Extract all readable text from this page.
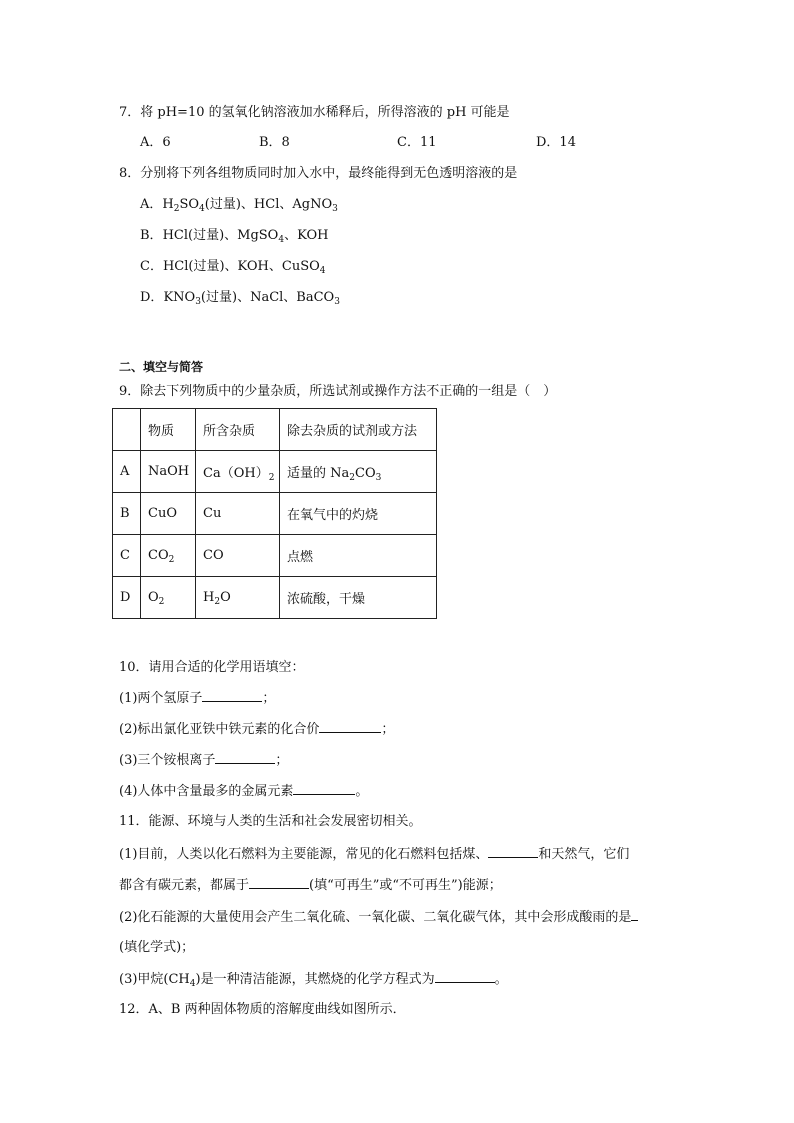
7．将 pH=10 的氢氧化钠溶液加水稀释后，所得溶液的 pH 可能是
A．6	B．8	C．11	D．14
8．分别将下列各组物质同时加入水中，最终能得到无色透明溶液的是
A．$H_2SO_4$(过量)、HCl、AgNO$_3$
B．HCl(过量)、MgSO$_4$、KOH
C．HCl(过量)、KOH、CuSO$_4$
D．$KNO_3$(过量)、NaCl、BaCO$_3$
二、填空与简答
9．除去下列物质中的少量杂质，所选试剂或操作方法不正确的一组是（　）
	物质	所含杂质	除去杂质的试剂或方法
A	NaOH	$Ca(OH)_2$	适量的 $Na_2CO_3$
B	CuO	Cu	在氧气中的灼烧
C	$CO_2$	CO	点燃
D	$O_2$	$H_2O$	浓硫酸，干燥
10．请用合适的化学用语填空：
(1)两个氢原子	；
(2)标出氯化亚铁中铁元素的化合价	；
(3)三个铵根离子	；
(4)人体中含量最多的金属元素	。
11．能源、环境与人类的生活和社会发展密切相关。
(1)目前，人类以化石燃料为主要能源，常见的化石燃料包括煤、	和天然气，它们
都含有碳元素，都属于	(填“可再生”或“不可再生”)能源；
(2)化石能源的大量使用会产生二氧化硫、一氧化碳、二氧化碳气体，其中会形成酸雨的是
(填化学式)；
(3)甲烷$(CH_4)$是一种清洁能源，其燃烧的化学方程式为	。
12．A、B 两种固体物质的溶解度曲线如图所示．
